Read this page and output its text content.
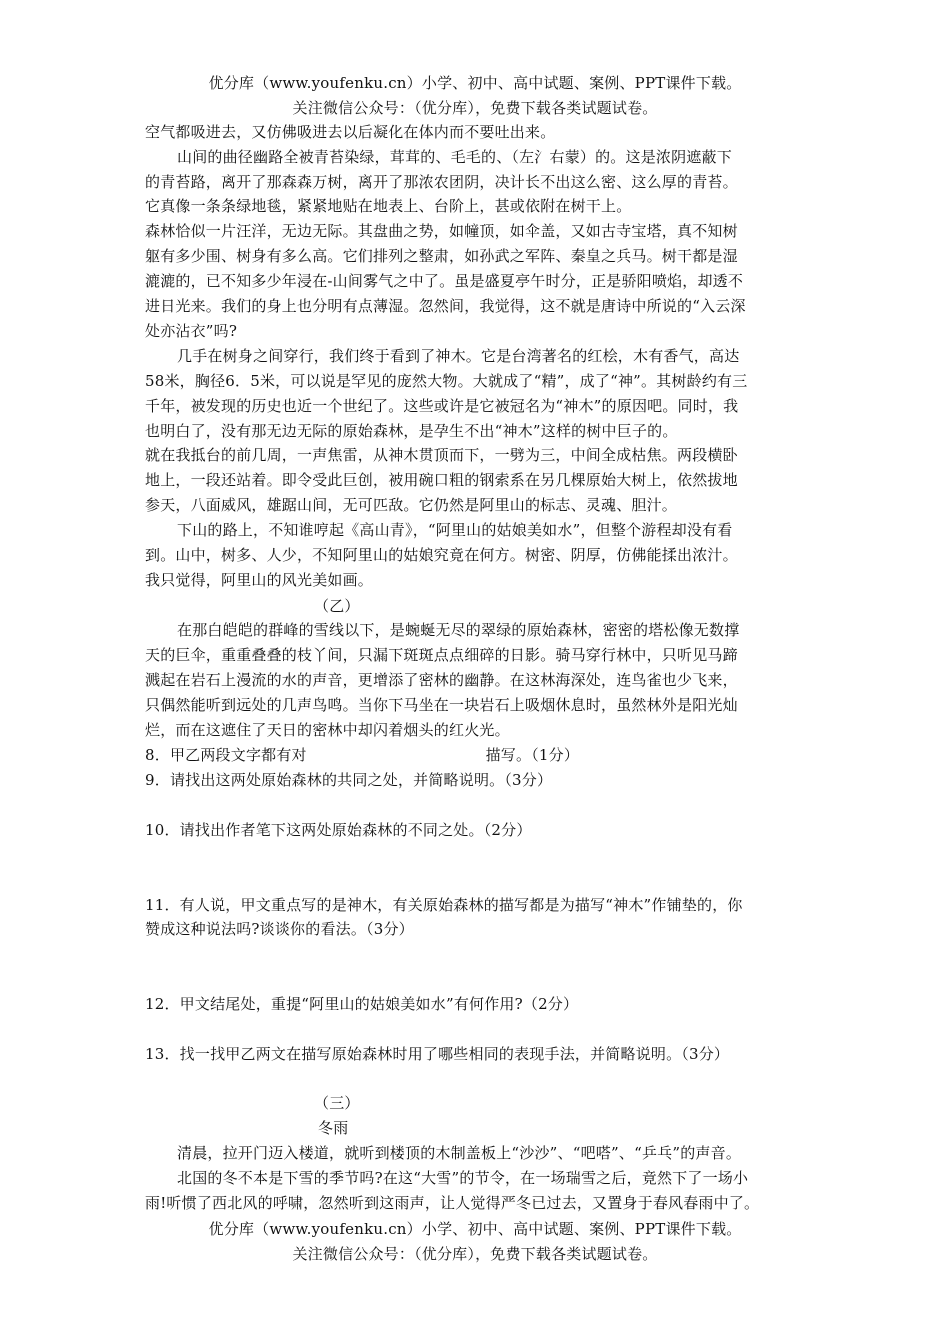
优分库（www.youfenku.cn）小学、初中、高中试题、案例、PPT课件下载。
关注微信公众号：（优分库），免费下载各类试题试卷。
空气都吸进去，又仿佛吸进去以后凝化在体内而不要吐出来。
山间的曲径幽路全被青苔染绿，茸茸的、毛毛的、（左氵右蒙）的。这是浓阴遮蔽下
的青苔路，离开了那森森万树，离开了那浓农团阴，决计长不出这么密、这么厚的青苔。
它真像一条条绿地毯，紧紧地贴在地表上、台阶上，甚或依附在树干上。
森林恰似一片汪洋，无边无际。其盘曲之势，如幢顶，如伞盖，又如古寺宝塔，真不知树
躯有多少围、树身有多么高。它们排列之整肃，如孙武之军阵、秦皇之兵马。树干都是湿
漉漉的，已不知多少年浸在-山间雾气之中了。虽是盛夏亭午时分，正是骄阳喷焰，却透不
进日光来。我们的身上也分明有点薄湿。忽然间，我觉得，这不就是唐诗中所说的“入云深
处亦沾衣”吗?
几手在树身之间穿行，我们终于看到了神木。它是台湾著名的红桧，木有香气，高达
58米，胸径6．5米，可以说是罕见的庞然大物。大就成了“精”，成了“神”。其树龄约有三
千年，被发现的历史也近一个世纪了。这些或许是它被冠名为“神木”的原因吧。同时，我
也明白了，没有那无边无际的原始森林，是孕生不出“神木”这样的树中巨子的。
就在我抵台的前几周，一声焦雷，从神木贯顶而下，一劈为三，中间全成枯焦。两段横卧
地上，一段还站着。即令受此巨创，被用碗口粗的钢索系在另几棵原始大树上，依然拔地
参天，八面威风，雄踞山间，无可匹敌。它仍然是阿里山的标志、灵魂、胆汁。
下山的路上，不知谁哼起《高山青》，“阿里山的姑娘美如水”，但整个游程却没有看
到。山中，树多、人少，不知阿里山的姑娘究竟在何方。树密、阴厚，仿佛能揉出浓汁。
我只觉得，阿里山的风光美如画。
（乙）
在那白皑皑的群峰的雪线以下，是蜿蜒无尽的翠绿的原始森林，密密的塔松像无数撑
天的巨伞，重重叠叠的枝丫间，只漏下斑斑点点细碎的日影。骑马穿行林中，只听见马蹄
溅起在岩石上漫流的水的声音，更增添了密林的幽静。在这林海深处，连鸟雀也少飞来，
只偶然能听到远处的几声鸟鸣。当你下马坐在一块岩石上吸烟休息时，虽然林外是阳光灿
烂，而在这遮住了天日的密林中却闪着烟头的红火光。
8．甲乙两段文字都有对                                    描写。（1分）
9．请找出这两处原始森林的共同之处，并简略说明。（3分）
10．请找出作者笔下这两处原始森林的不同之处。（2分）
11．有人说，甲文重点写的是神木，有关原始森林的描写都是为描写“神木”作铺垫的，你
赞成这种说法吗?谈谈你的看法。（3分）
12．甲文结尾处，重提“阿里山的姑娘美如水”有何作用?（2分）
13．找一找甲乙两文在描写原始森林时用了哪些相同的表现手法，并简略说明。（3分）
（三）
冬雨
清晨，拉开门迈入楼道，就听到楼顶的木制盖板上“沙沙”、“吧嗒”、“乒乓”的声音。
北国的冬不本是下雪的季节吗?在这“大雪”的节令，在一场瑞雪之后，竟然下了一场小
雨!听惯了西北风的呼啸，忽然听到这雨声，让人觉得严冬已过去，又置身于春风春雨中了。
优分库（www.youfenku.cn）小学、初中、高中试题、案例、PPT课件下载。
关注微信公众号：（优分库），免费下载各类试题试卷。
